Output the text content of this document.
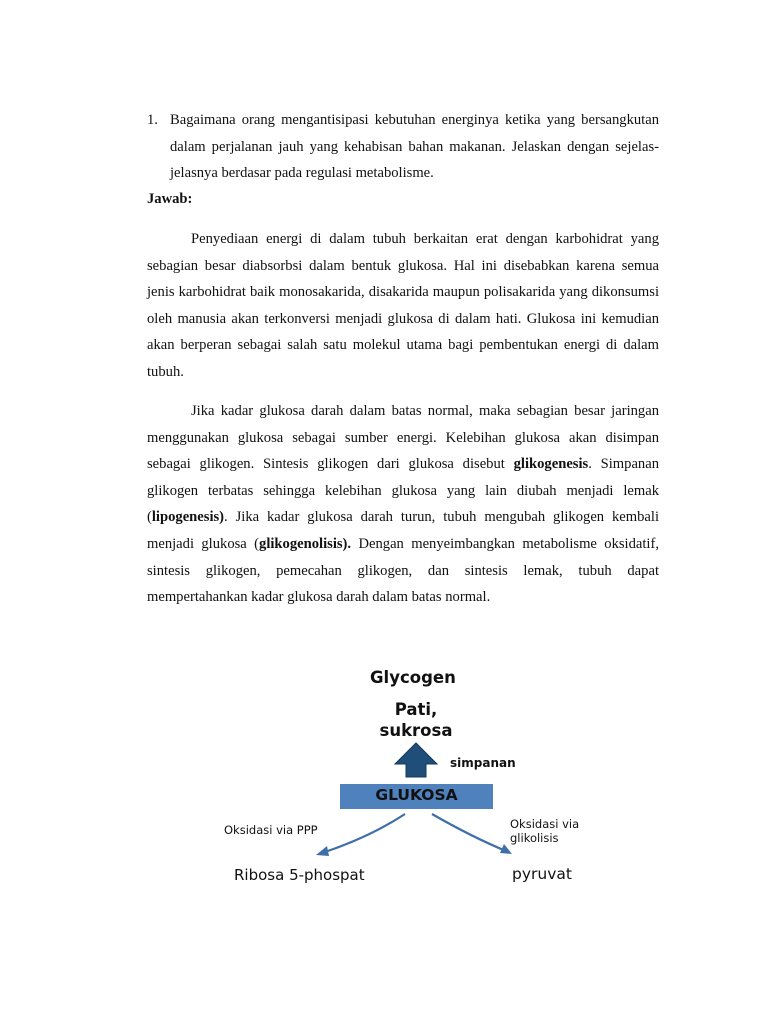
1. Bagaimana orang mengantisipasi kebutuhan energinya ketika yang bersangkutan dalam perjalanan jauh yang kehabisan bahan makanan. Jelaskan dengan sejelas-jelasnya berdasar pada regulasi metabolisme.
Jawab:

Penyediaan energi di dalam tubuh berkaitan erat dengan karbohidrat yang sebagian besar diabsorbsi dalam bentuk glukosa. Hal ini disebabkan karena semua jenis karbohidrat baik monosakarida, disakarida maupun polisakarida yang dikonsumsi oleh manusia akan terkonversi menjadi glukosa di dalam hati. Glukosa ini kemudian akan berperan sebagai salah satu molekul utama bagi pembentukan energi di dalam tubuh.

Jika kadar glukosa darah dalam batas normal, maka sebagian besar jaringan menggunakan glukosa sebagai sumber energi. Kelebihan glukosa akan disimpan sebagai glikogen. Sintesis glikogen dari glukosa disebut glikogenesis. Simpanan glikogen terbatas sehingga kelebihan glukosa yang lain diubah menjadi lemak (lipogenesis). Jika kadar glukosa darah turun, tubuh mengubah glikogen kembali menjadi glukosa (glikogenolisis). Dengan menyeimbangkan metabolisme oksidatif, sintesis glikogen, pemecahan glikogen, dan sintesis lemak, tubuh dapat mempertahankan kadar glukosa darah dalam batas normal.

Glycogen
Pati, sukrosa
simpanan
GLUKOSA
Oksidasi via PPP	Oksidasi via glikolisis
Ribosa 5-phospat	pyruvat
